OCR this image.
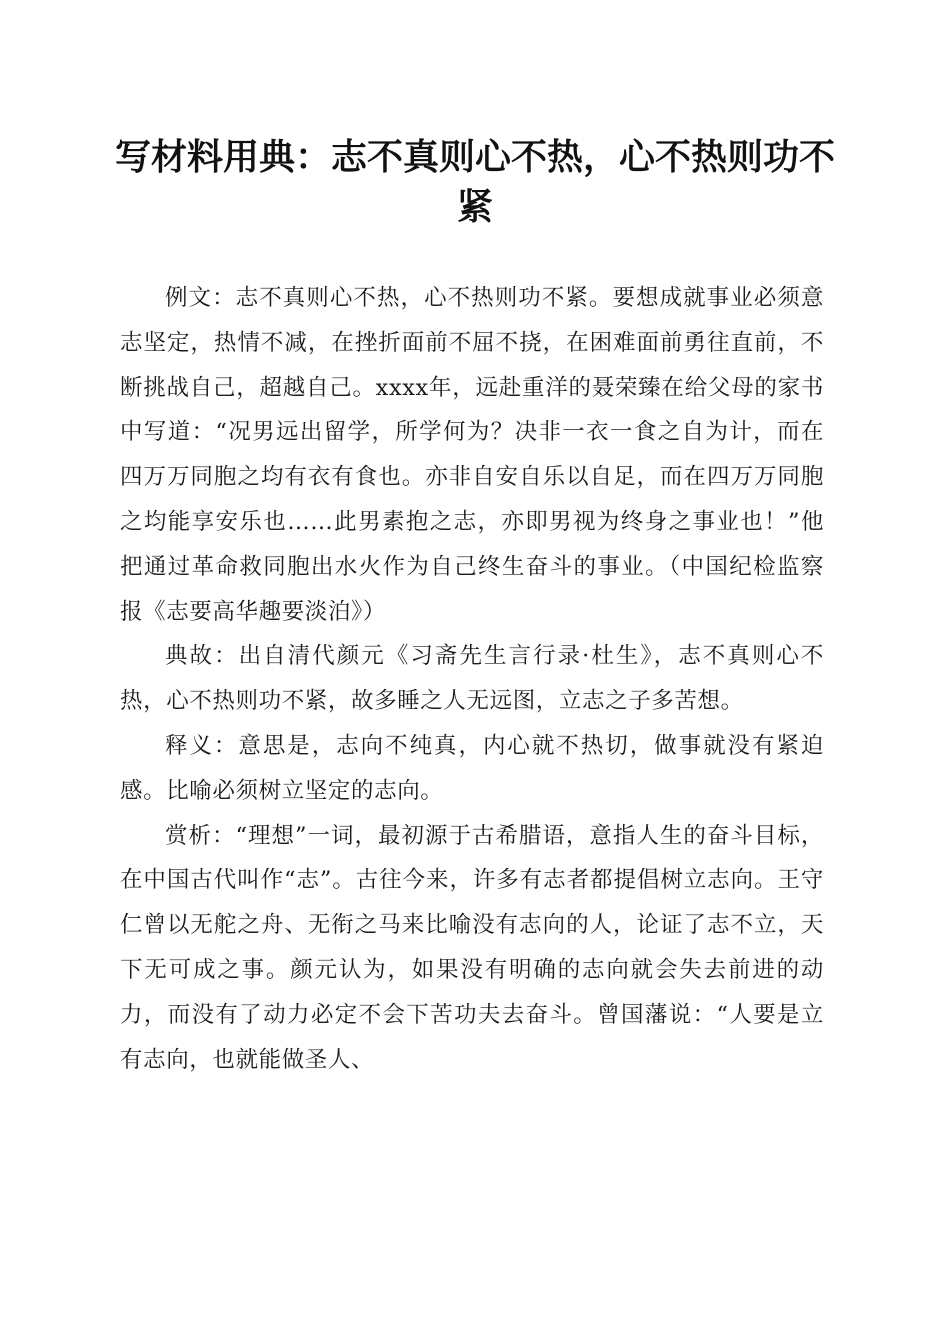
写材料用典：志不真则心不热，心不热则功不紧

例文：志不真则心不热，心不热则功不紧。要想成就事业必须意志坚定，热情不减，在挫折面前不屈不挠，在困难面前勇往直前，不断挑战自己，超越自己。xxxx年，远赴重洋的聂荣臻在给父母的家书中写道：“况男远出留学，所学何为？决非一衣一食之自为计，而在四万万同胞之均有衣有食也。亦非自安自乐以自足，而在四万万同胞之均能享安乐也……此男素抱之志，亦即男视为终身之事业也！”他把通过革命救同胞出水火作为自己终生奋斗的事业。（中国纪检监察报《志要高华趣要淡泊》）

典故：出自清代颜元《习斋先生言行录·杜生》，志不真则心不热，心不热则功不紧，故多睡之人无远图，立志之子多苦想。

释义：意思是，志向不纯真，内心就不热切，做事就没有紧迫感。比喻必须树立坚定的志向。

赏析：“理想”一词，最初源于古希腊语，意指人生的奋斗目标，在中国古代叫作“志”。古往今来，许多有志者都提倡树立志向。王守仁曾以无舵之舟、无衔之马来比喻没有志向的人，论证了志不立，天下无可成之事。颜元认为，如果没有明确的志向就会失去前进的动力，而没有了动力必定不会下苦功夫去奋斗。曾国藩说：“人要是立有志向，也就能做圣人、
